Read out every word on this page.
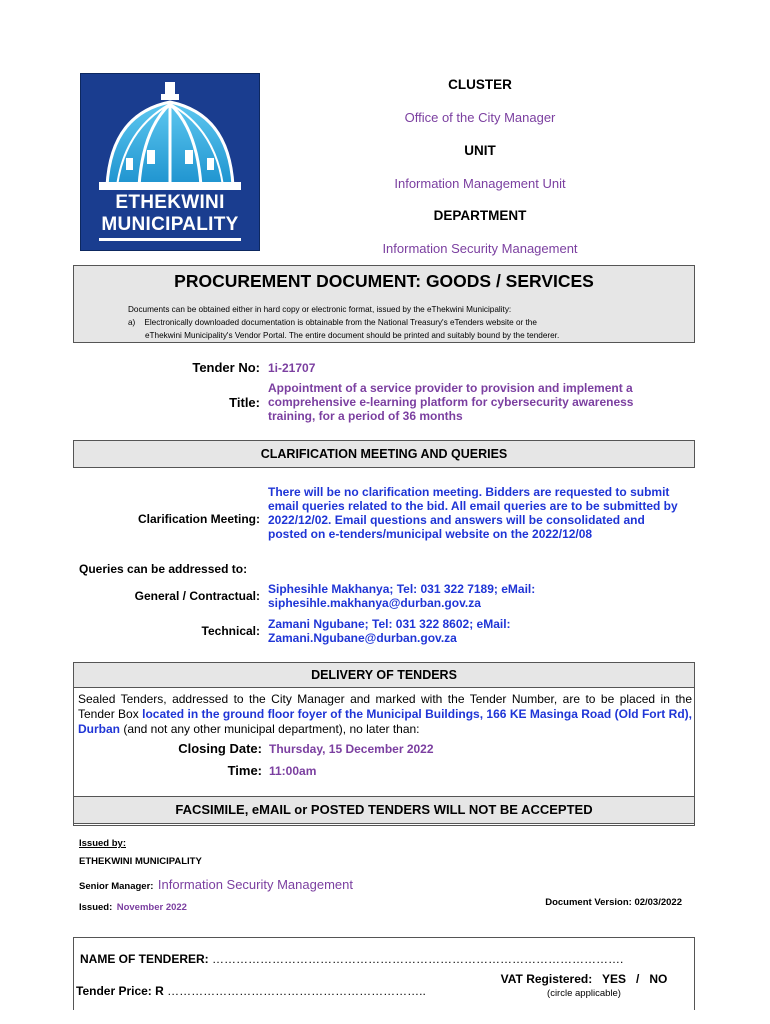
ETHEKWINI
MUNICIPALITY
CLUSTER
Office of the City Manager
UNIT
Information Management Unit
DEPARTMENT
Information Security Management
PROCUREMENT DOCUMENT: GOODS / SERVICES
Documents can be obtained either in hard copy or electronic format, issued by the eThekwini Municipality:
a) Electronically downloaded documentation is obtainable from the National Treasury's eTenders website or the
eThekwini Municipality's Vendor Portal. The entire document should be printed and suitably bound by the tenderer.
Tender No: 1i-21707
Title:
Appointment of a service provider to provision and implement a comprehensive e-learning platform for cybersecurity awareness training, for a period of 36 months
CLARIFICATION MEETING AND QUERIES
Clarification Meeting:
There will be no clarification meeting. Bidders are requested to submit email queries related to the bid. All email queries are to be submitted by 2022/12/02. Email questions and answers will be consolidated and posted on e-tenders/municipal website on the 2022/12/08
Queries can be addressed to:
General / Contractual: Siphesihle Makhanya; Tel: 031 322 7189; eMail: siphesihle.makhanya@durban.gov.za
Technical: Zamani Ngubane; Tel: 031 322 8602; eMail: Zamani.Ngubane@durban.gov.za
DELIVERY OF TENDERS
Sealed Tenders, addressed to the City Manager and marked with the Tender Number, are to be placed in the Tender Box located in the ground floor foyer of the Municipal Buildings, 166 KE Masinga Road (Old Fort Rd), Durban (and not any other municipal department), no later than:
Closing Date: Thursday, 15 December 2022
Time: 11:00am
FACSIMILE, eMAIL or POSTED TENDERS WILL NOT BE ACCEPTED
Issued by:
ETHEKWINI MUNICIPALITY
Senior Manager: Information Security Management
Issued: November 2022	Document Version: 02/03/2022
NAME OF TENDERER: ………………………………………………………………………………………….
VAT Registered:   YES   /   NO
(circle applicable)
Tender Price: R ………………………………………………………..
